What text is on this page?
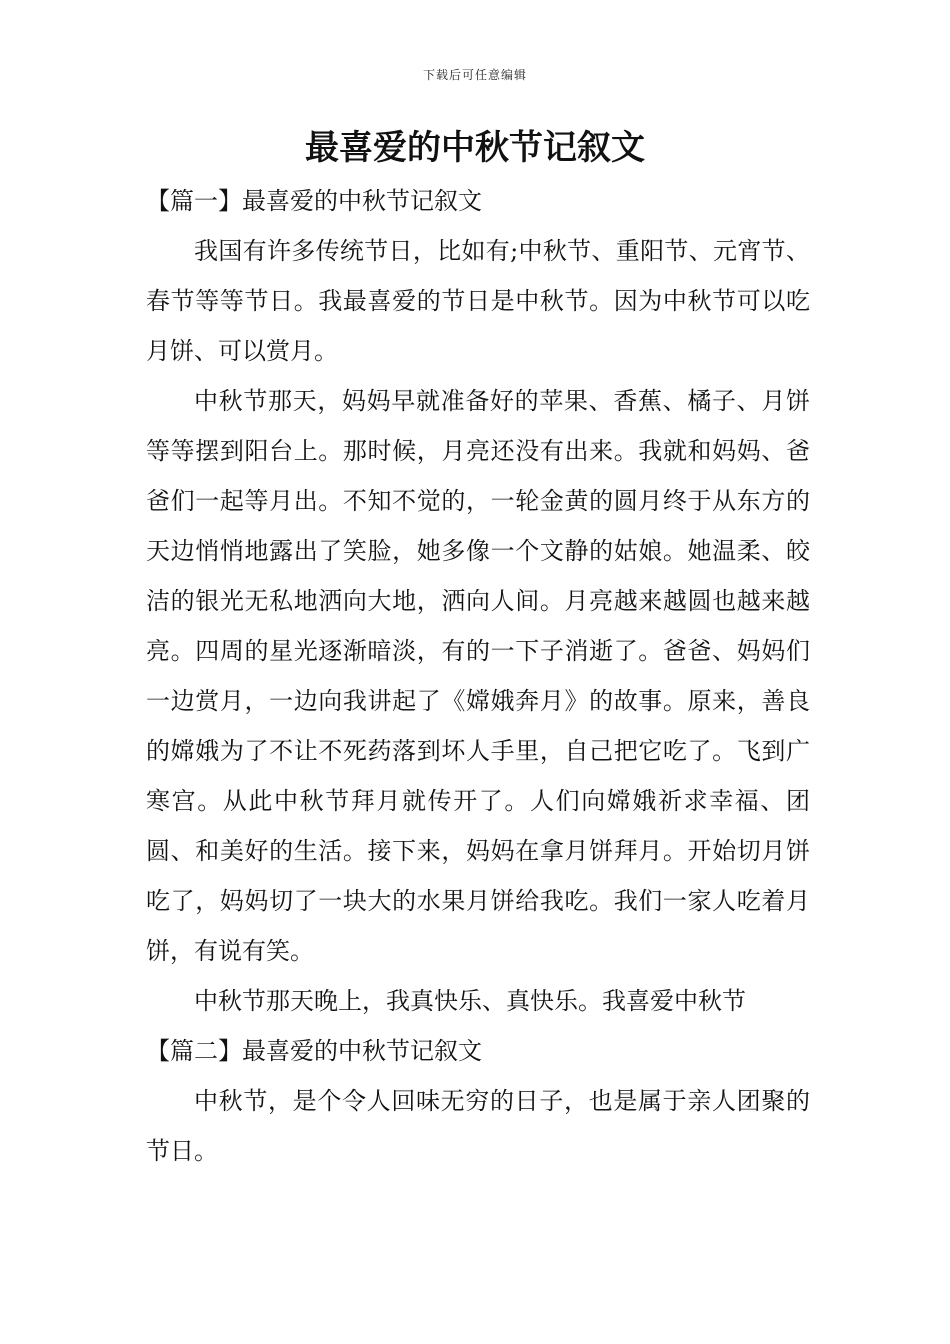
下载后可任意编辑
最喜爱的中秋节记叙文

【篇一】最喜爱的中秋节记叙文

我国有许多传统节日，比如有;中秋节、重阳节、元宵节、春节等等节日。我最喜爱的节日是中秋节。因为中秋节可以吃月饼、可以赏月。

中秋节那天，妈妈早就准备好的苹果、香蕉、橘子、月饼等等摆到阳台上。那时候，月亮还没有出来。我就和妈妈、爸爸们一起等月出。不知不觉的，一轮金黄的圆月终于从东方的天边悄悄地露出了笑脸，她多像一个文静的姑娘。她温柔、皎洁的银光无私地洒向大地，洒向人间。月亮越来越圆也越来越亮。四周的星光逐渐暗淡，有的一下子消逝了。爸爸、妈妈们一边赏月，一边向我讲起了《嫦娥奔月》的故事。原来，善良的嫦娥为了不让不死药落到坏人手里，自己把它吃了。飞到广寒宫。从此中秋节拜月就传开了。人们向嫦娥祈求幸福、团圆、和美好的生活。接下来，妈妈在拿月饼拜月。开始切月饼吃了，妈妈切了一块大的水果月饼给我吃。我们一家人吃着月饼，有说有笑。

中秋节那天晚上，我真快乐、真快乐。我喜爱中秋节

【篇二】最喜爱的中秋节记叙文

中秋节，是个令人回味无穷的日子，也是属于亲人团聚的节日。
